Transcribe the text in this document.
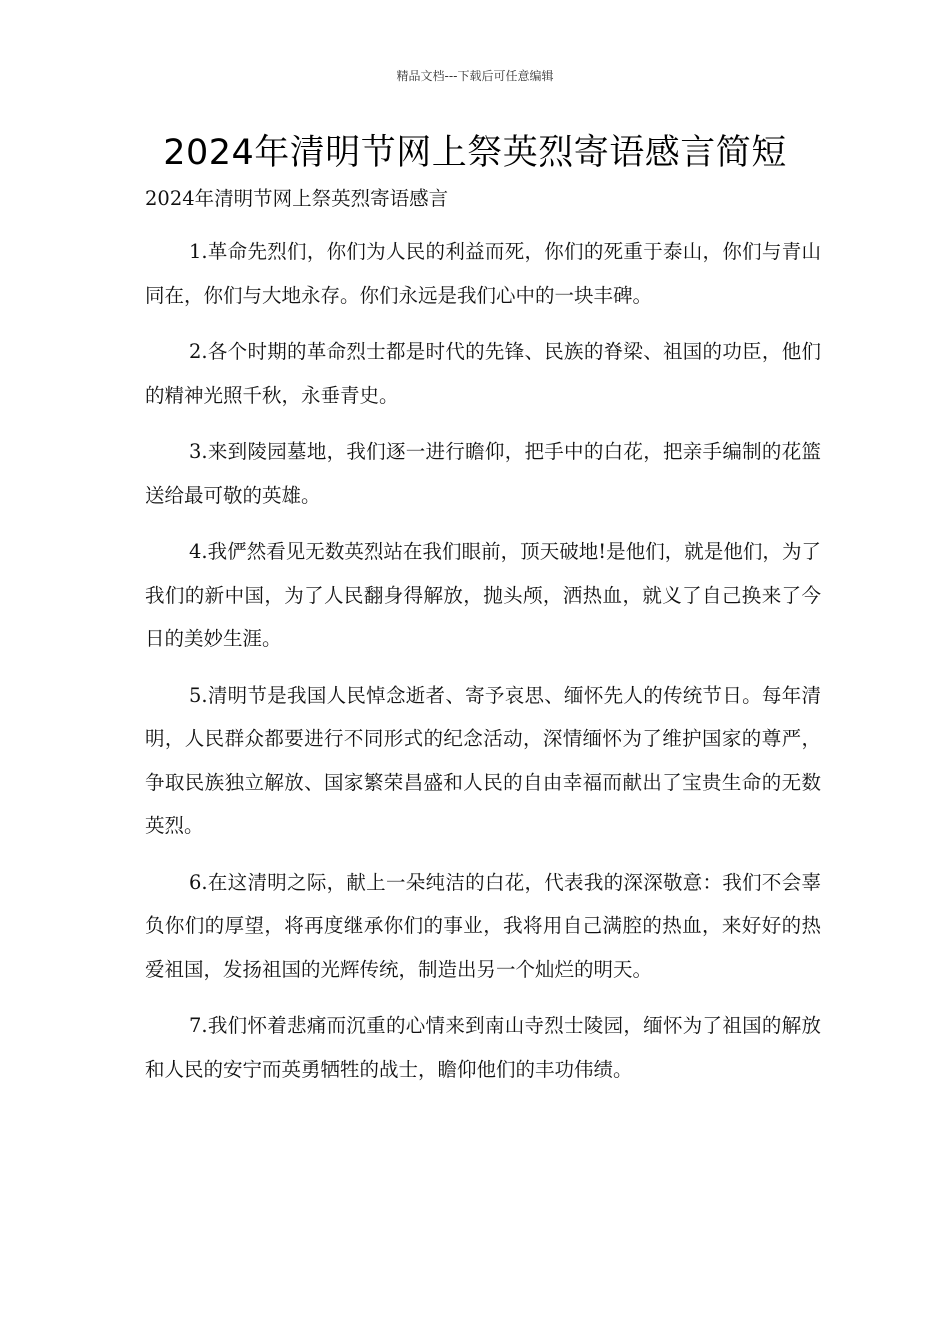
精品文档---下载后可任意编辑
2024年清明节网上祭英烈寄语感言简短
2024年清明节网上祭英烈寄语感言

1.革命先烈们，你们为人民的利益而死，你们的死重于泰山，你们与青山同在，你们与大地永存。你们永远是我们心中的一块丰碑。

2.各个时期的革命烈士都是时代的先锋、民族的脊梁、祖国的功臣，他们的精神光照千秋，永垂青史。

3.来到陵园墓地，我们逐一进行瞻仰，把手中的白花，把亲手编制的花篮送给最可敬的英雄。

4.我俨然看见无数英烈站在我们眼前，顶天破地!是他们，就是他们，为了我们的新中国，为了人民翻身得解放，抛头颅，洒热血，就义了自己换来了今日的美妙生涯。

5.清明节是我国人民悼念逝者、寄予哀思、缅怀先人的传统节日。每年清明，人民群众都要进行不同形式的纪念活动，深情缅怀为了维护国家的尊严，争取民族独立解放、国家繁荣昌盛和人民的自由幸福而献出了宝贵生命的无数英烈。

6.在这清明之际，献上一朵纯洁的白花，代表我的深深敬意：我们不会辜负你们的厚望，将再度继承你们的事业，我将用自己满腔的热血，来好好的热爱祖国，发扬祖国的光辉传统，制造出另一个灿烂的明天。

7.我们怀着悲痛而沉重的心情来到南山寺烈士陵园，缅怀为了祖国的解放和人民的安宁而英勇牺牲的战士，瞻仰他们的丰功伟绩。
